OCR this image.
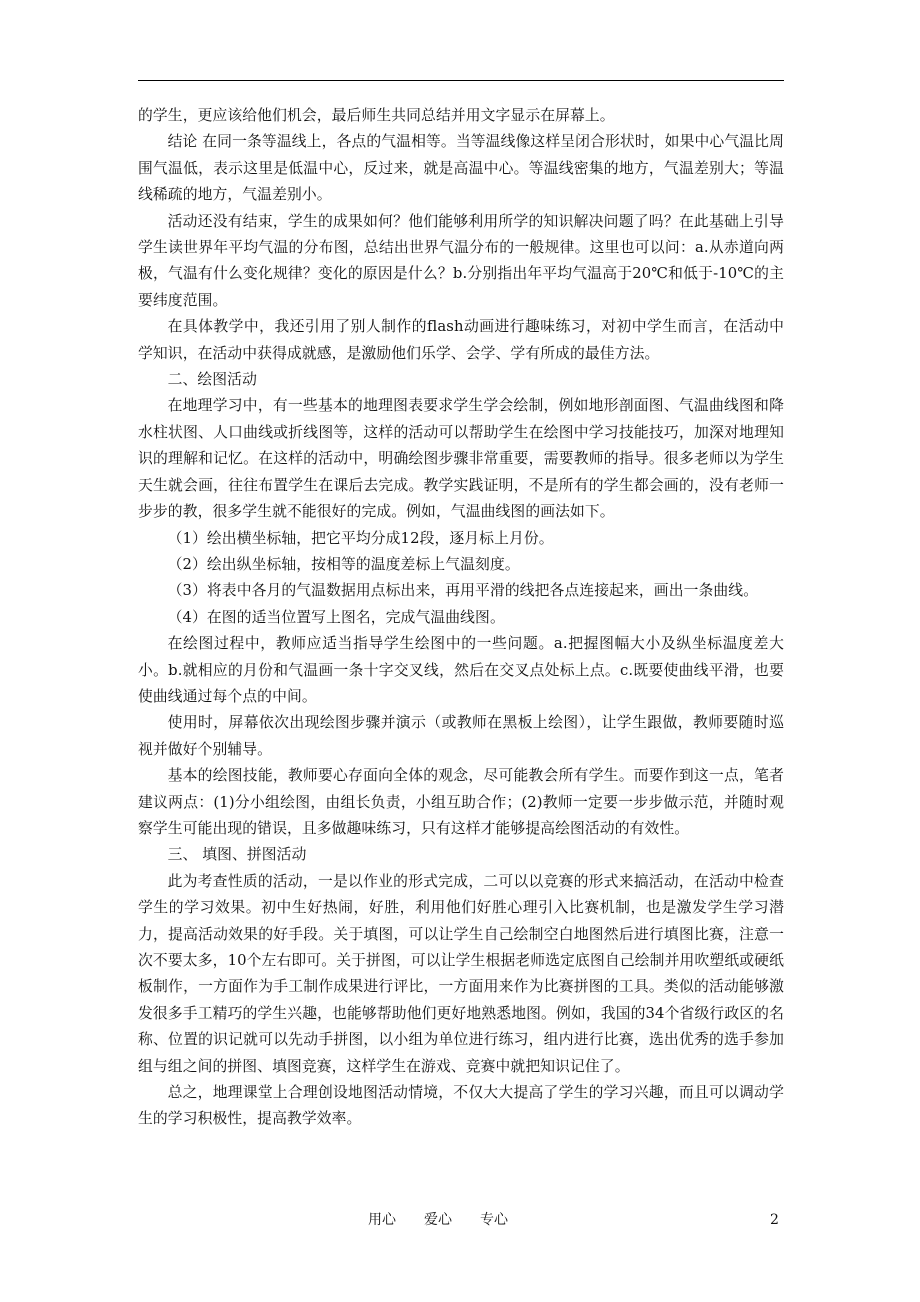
的学生，更应该给他们机会，最后师生共同总结并用文字显示在屏幕上。

结论 在同一条等温线上，各点的气温相等。当等温线像这样呈闭合形状时，如果中心气温比周围气温低，表示这里是低温中心，反过来，就是高温中心。等温线密集的地方，气温差别大；等温线稀疏的地方，气温差别小。

活动还没有结束，学生的成果如何？他们能够利用所学的知识解决问题了吗？在此基础上引导学生读世界年平均气温的分布图，总结出世界气温分布的一般规律。这里也可以问：a.从赤道向两极，气温有什么变化规律？变化的原因是什么？b.分别指出年平均气温高于20℃和低于-10℃的主要纬度范围。

在具体教学中，我还引用了别人制作的flash动画进行趣味练习，对初中学生而言，在活动中学知识，在活动中获得成就感，是激励他们乐学、会学、学有所成的最佳方法。

二、绘图活动

在地理学习中，有一些基本的地理图表要求学生学会绘制，例如地形剖面图、气温曲线图和降水柱状图、人口曲线或折线图等，这样的活动可以帮助学生在绘图中学习技能技巧，加深对地理知识的理解和记忆。在这样的活动中，明确绘图步骤非常重要，需要教师的指导。很多老师以为学生天生就会画，往往布置学生在课后去完成。教学实践证明，不是所有的学生都会画的，没有老师一步步的教，很多学生就不能很好的完成。例如，气温曲线图的画法如下。

（1）绘出横坐标轴，把它平均分成12段，逐月标上月份。

（2）绘出纵坐标轴，按相等的温度差标上气温刻度。

（3）将表中各月的气温数据用点标出来，再用平滑的线把各点连接起来，画出一条曲线。

（4）在图的适当位置写上图名，完成气温曲线图。

在绘图过程中，教师应适当指导学生绘图中的一些问题。a.把握图幅大小及纵坐标温度差大小。b.就相应的月份和气温画一条十字交叉线，然后在交叉点处标上点。c.既要使曲线平滑，也要使曲线通过每个点的中间。

使用时，屏幕依次出现绘图步骤并演示（或教师在黑板上绘图），让学生跟做，教师要随时巡视并做好个别辅导。

基本的绘图技能，教师要心存面向全体的观念，尽可能教会所有学生。而要作到这一点，笔者建议两点：(1)分小组绘图，由组长负责，小组互助合作；(2)教师一定要一步步做示范，并随时观察学生可能出现的错误，且多做趣味练习，只有这样才能够提高绘图活动的有效性。

三、 填图、拼图活动

此为考查性质的活动，一是以作业的形式完成，二可以以竞赛的形式来搞活动，在活动中检查学生的学习效果。初中生好热闹，好胜，利用他们好胜心理引入比赛机制，也是激发学生学习潜力，提高活动效果的好手段。关于填图，可以让学生自己绘制空白地图然后进行填图比赛，注意一次不要太多，10个左右即可。关于拼图，可以让学生根据老师选定底图自己绘制并用吹塑纸或硬纸板制作，一方面作为手工制作成果进行评比，一方面用来作为比赛拼图的工具。类似的活动能够激发很多手工精巧的学生兴趣，也能够帮助他们更好地熟悉地图。例如，我国的34个省级行政区的名称、位置的识记就可以先动手拼图，以小组为单位进行练习，组内进行比赛，选出优秀的选手参加组与组之间的拼图、填图竞赛，这样学生在游戏、竞赛中就把知识记住了。

总之，地理课堂上合理创设地图活动情境，不仅大大提高了学生的学习兴趣，而且可以调动学生的学习积极性，提高教学效率。

用心　　爱心　　专心	2
